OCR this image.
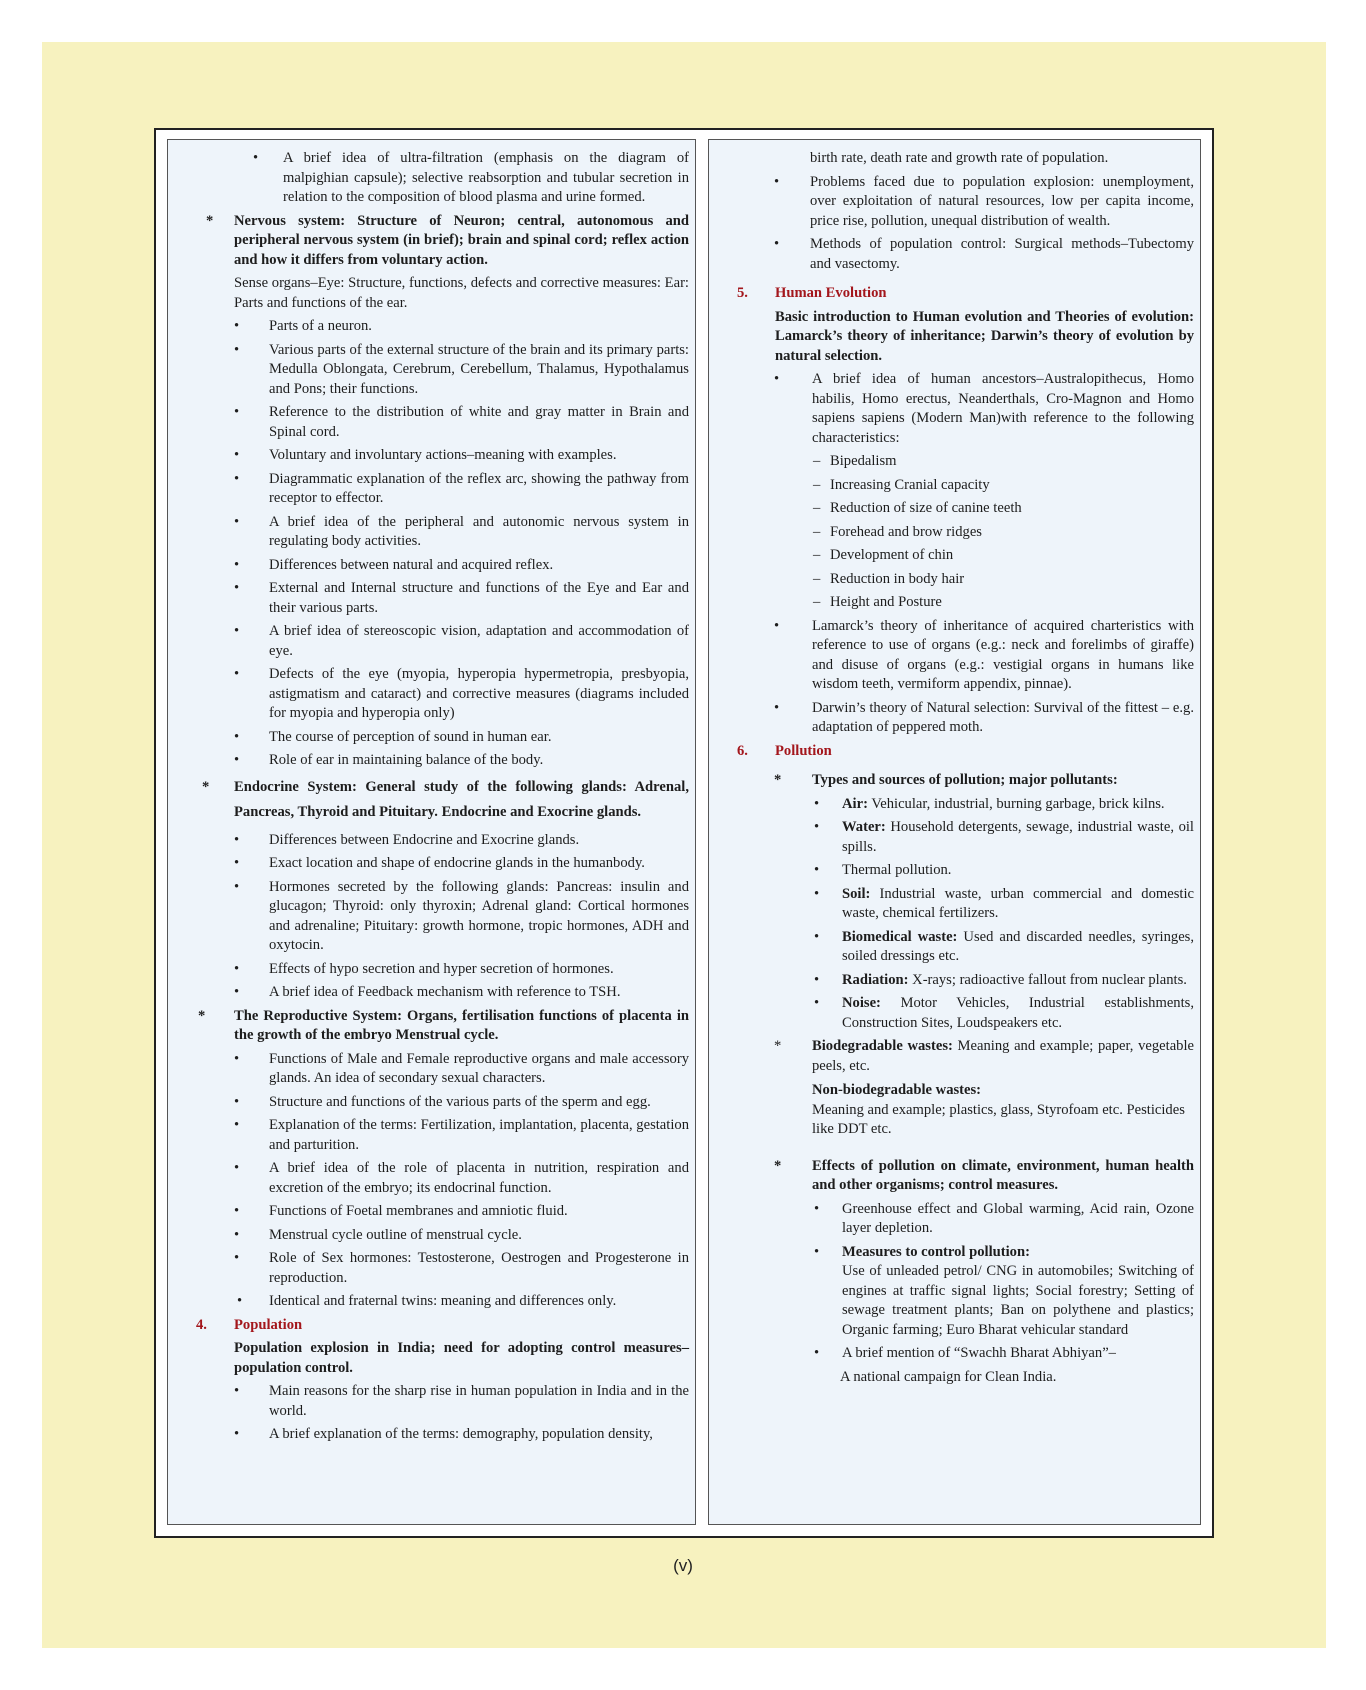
• A brief idea of ultra-filtration (emphasis on the diagram of malpighian capsule); selective reabsorption and tubular secretion in relation to the composition of blood plasma and urine formed.
* Nervous system: Structure of Neuron; central, autonomous and peripheral nervous system (in brief); brain and spinal cord; reflex action and how it differs from voluntary action.
Sense organs–Eye: Structure, functions, defects and corrective measures: Ear: Parts and functions of the ear.
• Parts of a neuron.
• Various parts of the external structure of the brain and its primary parts: Medulla Oblongata, Cerebrum, Cerebellum, Thalamus, Hypothalamus and Pons; their functions.
• Reference to the distribution of white and gray matter in Brain and Spinal cord.
• Voluntary and involuntary actions–meaning with examples.
• Diagrammatic explanation of the reflex arc, showing the pathway from receptor to effector.
• A brief idea of the peripheral and autonomic nervous system in regulating body activities.
• Differences between natural and acquired reflex.
• External and Internal structure and functions of the Eye and Ear and their various parts.
• A brief idea of stereoscopic vision, adaptation and accommodation of eye.
• Defects of the eye (myopia, hyperopia hypermetropia, presbyopia, astigmatism and cataract) and corrective measures (diagrams included for myopia and hyperopia only)
• The course of perception of sound in human ear.
• Role of ear in maintaining balance of the body.
* Endocrine System: General study of the following glands: Adrenal, Pancreas, Thyroid and Pituitary. Endocrine and Exocrine glands.
• Differences between Endocrine and Exocrine glands.
• Exact location and shape of endocrine glands in the humanbody.
• Hormones secreted by the following glands: Pancreas: insulin and glucagon; Thyroid: only thyroxin; Adrenal gland: Cortical hormones and adrenaline; Pituitary: growth hormone, tropic hormones, ADH and oxytocin.
• Effects of hypo secretion and hyper secretion of hormones.
• A brief idea of Feedback mechanism with reference to TSH.
* The Reproductive System: Organs, fertilisation functions of placenta in the growth of the embryo Menstrual cycle.
• Functions of Male and Female reproductive organs and male accessory glands. An idea of secondary sexual characters.
• Structure and functions of the various parts of the sperm and egg.
• Explanation of the terms: Fertilization, implantation, placenta, gestation and parturition.
• A brief idea of the role of placenta in nutrition, respiration and excretion of the embryo; its endocrinal function.
• Functions of Foetal membranes and amniotic fluid.
• Menstrual cycle outline of menstrual cycle.
• Role of Sex hormones: Testosterone, Oestrogen and Progesterone in reproduction.
• Identical and fraternal twins: meaning and differences only.
4. Population
Population explosion in India; need for adopting control measures–population control.
• Main reasons for the sharp rise in human population in India and in the world.
• A brief explanation of the terms: demography, population density,
birth rate, death rate and growth rate of population.
• Problems faced due to population explosion: unemployment, over exploitation of natural resources, low per capita income, price rise, pollution, unequal distribution of wealth.
• Methods of population control: Surgical methods–Tubectomy and vasectomy.
5. Human Evolution
Basic introduction to Human evolution and Theories of evolution: Lamarck’s theory of inheritance; Darwin’s theory of evolution by natural selection.
• A brief idea of human ancestors–Australopithecus, Homo habilis, Homo erectus, Neanderthals, Cro-Magnon and Homo sapiens sapiens (Modern Man)with reference to the following characteristics:
– Bipedalism
– Increasing Cranial capacity
– Reduction of size of canine teeth
– Forehead and brow ridges
– Development of chin
– Reduction in body hair
– Height and Posture
• Lamarck’s theory of inheritance of acquired charteristics with reference to use of organs (e.g.: neck and forelimbs of giraffe) and disuse of organs (e.g.: vestigial organs in humans like wisdom teeth, vermiform appendix, pinnae).
• Darwin’s theory of Natural selection: Survival of the fittest – e.g. adaptation of peppered moth.
6. Pollution
* Types and sources of pollution; major pollutants:
• Air: Vehicular, industrial, burning garbage, brick kilns.
• Water: Household detergents, sewage, industrial waste, oil spills.
• Thermal pollution.
• Soil: Industrial waste, urban commercial and domestic waste, chemical fertilizers.
• Biomedical waste: Used and discarded needles, syringes, soiled dressings etc.
• Radiation: X-rays; radioactive fallout from nuclear plants.
• Noise: Motor Vehicles, Industrial establishments, Construction Sites, Loudspeakers etc.
* Biodegradable wastes: Meaning and example; paper, vegetable peels, etc.
Non-biodegradable wastes:
Meaning and example; plastics, glass, Styrofoam etc. Pesticides like DDT etc.
* Effects of pollution on climate, environment, human health and other organisms; control measures.
• Greenhouse effect and Global warming, Acid rain, Ozone layer depletion.
• Measures to control pollution:
Use of unleaded petrol/ CNG in automobiles; Switching of engines at traffic signal lights; Social forestry; Setting of sewage treatment plants; Ban on polythene and plastics; Organic farming; Euro Bharat vehicular standard
• A brief mention of “Swachh Bharat Abhiyan”–
A national campaign for Clean India.
(v)
